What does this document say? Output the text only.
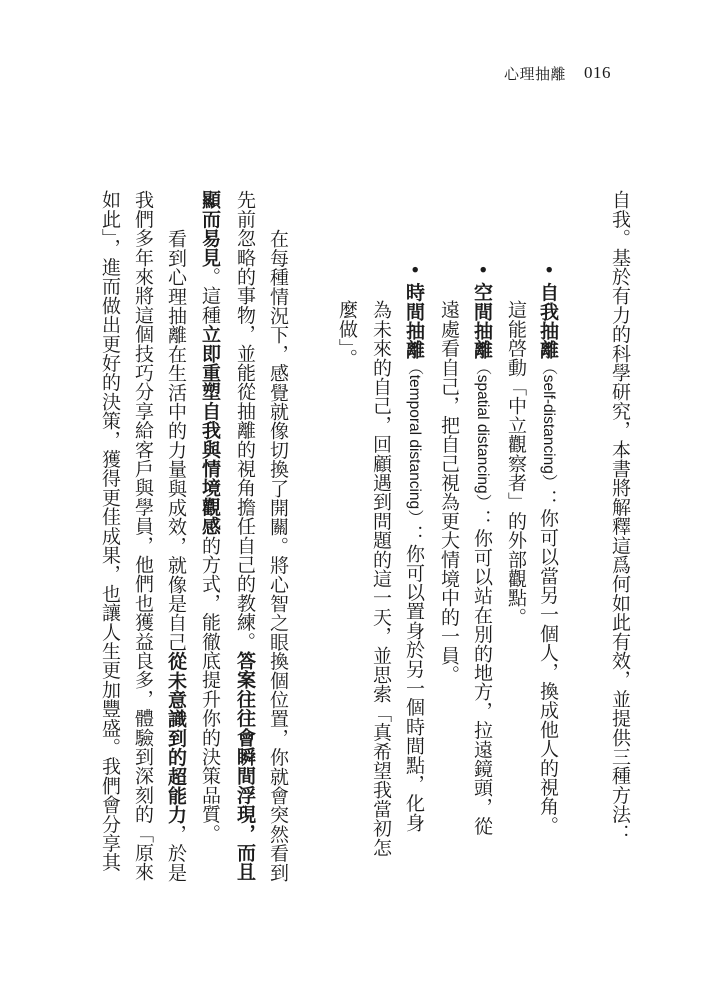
心理抽離 016
自我。基於有力的科學研究，本書將解釋這爲何如此有效，並提供三種方法：
•自我抽離（self-distancing）：你可以當另一個人，換成他人的視角。
這能啓動「中立觀察者」的外部觀點。
•空間抽離（spatial distancing）：你可以站在別的地方，拉遠鏡頭，從
遠處看自己，把自己視為更大情境中的一員。
•時間抽離（temporal distancing）：你可以置身於另一個時間點，化身
為未來的自己，回顧遇到問題的這一天，並思索「真希望我當初怎
麼做」。
在每種情況下，感覺就像切換了開關。將心智之眼換個位置，你就會突然看到
先前忽略的事物，並能從抽離的視角擔任自己的教練。答案往往會瞬間浮現，而且
顯而易見。這種立即重塑自我與情境觀感的方式，能徹底提升你的決策品質。
看到心理抽離在生活中的力量與成效，就像是自己從未意識到的超能力，於是
我們多年來將這個技巧分享給客戶與學員，他們也獲益良多，體驗到深刻的「原來
如此」，進而做出更好的決策，獲得更佳成果，也讓人生更加豐盛。我們會分享其
